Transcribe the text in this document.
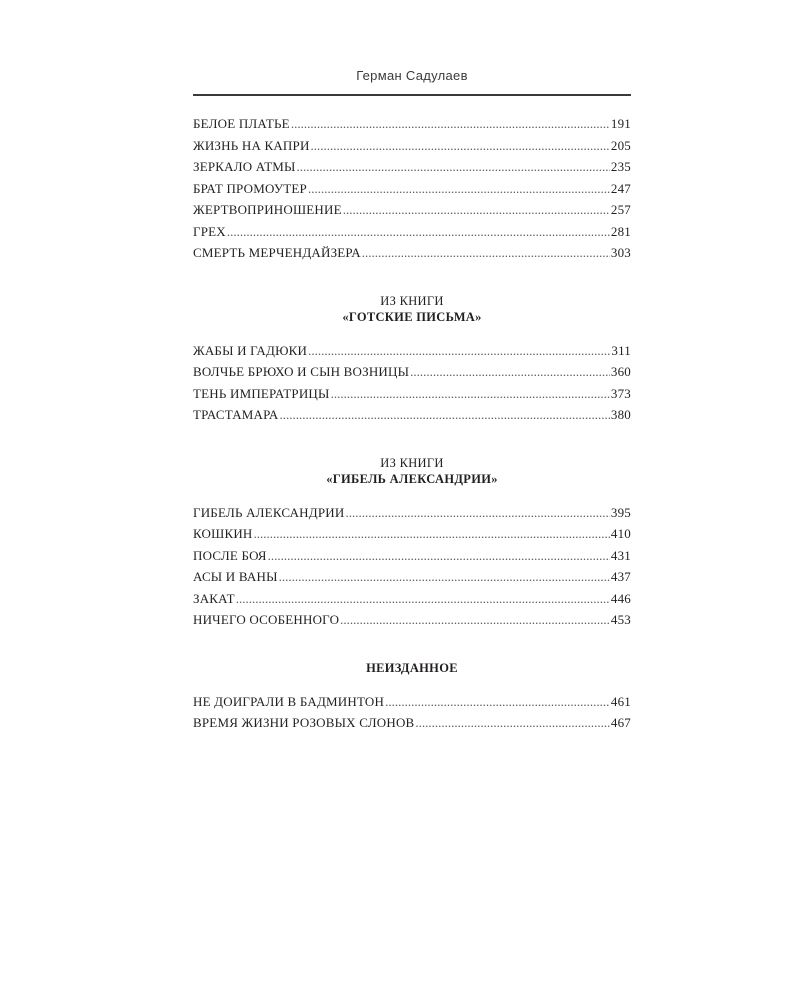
Герман Садулаев
БЕЛОЕ ПЛАТЬЕ .....	191
ЖИЗНЬ НА КАПРИ .....	205
ЗЕРКАЛО АТМЫ .....	235
БРАТ ПРОМОУТЕР .....	247
ЖЕРТВОПРИНОШЕНИЕ .....	257
ГРЕХ .....	281
СМЕРТЬ МЕРЧЕНДАЙЗЕРА .....	303
ИЗ КНИГИ
«ГОТСКИЕ ПИСЬМА»
ЖАБЫ И ГАДЮКИ .....	311
ВОЛЧЬЕ БРЮХО И СЫН ВОЗНИЦЫ .....	360
ТЕНЬ ИМПЕРАТРИЦЫ .....	373
ТРАСТАМАРА .....	380
ИЗ КНИГИ
«ГИБЕЛЬ АЛЕКСАНДРИИ»
ГИБЕЛЬ АЛЕКСАНДРИИ .....	395
КОШКИН .....	410
ПОСЛЕ БОЯ .....	431
АСЫ И ВАНЫ .....	437
ЗАКАТ .....	446
НИЧЕГО ОСОБЕННОГО .....	453
НЕИЗДАННОЕ
НЕ ДОИГРАЛИ В БАДМИНТОН .....	461
ВРЕМЯ ЖИЗНИ РОЗОВЫХ СЛОНОВ .....	467
